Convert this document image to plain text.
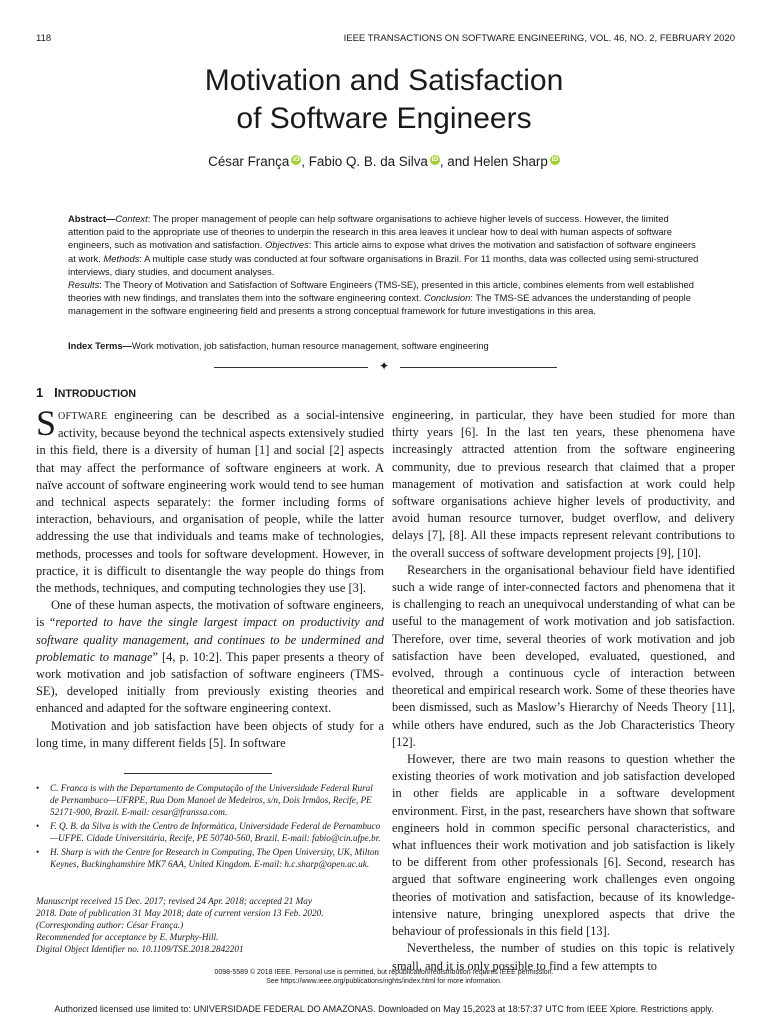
118	IEEE TRANSACTIONS ON SOFTWARE ENGINEERING, VOL. 46, NO. 2, FEBRUARY 2020
Motivation and Satisfaction
of Software Engineers
César França iD , Fabio Q. B. da Silva iD , and Helen Sharp iD

Abstract—Context: The proper management of people can help software organisations to achieve higher levels of success. However, the limited attention paid to the appropriate use of theories to underpin the research in this area leaves it unclear how to deal with human aspects of software engineers, such as motivation and satisfaction. Objectives: This article aims to expose what drives the motivation and satisfaction of software engineers at work. Methods: A multiple case study was conducted at four software organisations in Brazil. For 11 months, data was collected using semi-structured interviews, diary studies, and document analyses.

Results: The Theory of Motivation and Satisfaction of Software Engineers (TMS-SE), presented in this article, combines elements from well established theories with new findings, and translates them into the software engineering context. Conclusion: The TMS-SE advances the understanding of people management in the software engineering field and presents a strong conceptual framework for future investigations in this area.

Index Terms—Work motivation, job satisfaction, human resource management, software engineering
✦
1 INTRODUCTION

SOFTWARE engineering can be described as a social-intensive activity, because beyond the technical aspects extensively studied in this field, there is a diversity of human [1] and social [2] aspects that may affect the performance of software engineers at work. A naïve account of software engineering work would tend to see human and technical aspects separately: the former including forms of interaction, behaviours, and organisation of people, while the latter addressing the use that individuals and teams make of technologies, methods, processes and tools for software development. However, in practice, it is difficult to disentangle the way people do things from the methods, techniques, and computing technologies they use [3].

One of these human aspects, the motivation of software engineers, is “reported to have the single largest impact on productivity and software quality management, and continues to be undermined and problematic to manage” [4, p. 10:2]. This paper presents a theory of work motivation and job satisfaction of software engineers (TMS-SE), developed initially from previously existing theories and enhanced and adapted for the software engineering context.

Motivation and job satisfaction have been objects of study for a long time, in many different fields [5]. In software

engineering, in particular, they have been studied for more than thirty years [6]. In the last ten years, these phenomena have increasingly attracted attention from the software engineering community, due to previous research that claimed that a proper management of motivation and satisfaction at work could help software organisations achieve higher levels of productivity, and avoid human resource turnover, budget overflow, and delivery delays [7], [8]. All these impacts represent relevant contributions to the overall success of software development projects [9], [10].

Researchers in the organisational behaviour field have identified such a wide range of inter-connected factors and phenomena that it is challenging to reach an unequivocal understanding of what can be useful to the management of work motivation and job satisfaction. Therefore, over time, several theories of work motivation and job satisfaction have been developed, evaluated, questioned, and evolved, through a continuous cycle of interaction between theoretical and empirical research work. Some of these theories have been dismissed, such as Maslow’s Hierarchy of Needs Theory [11], while others have endured, such as the Job Characteristics Theory [12].

However, there are two main reasons to question whether the existing theories of work motivation and job satisfaction developed in other fields are applicable in a software development environment. First, in the past, researchers have shown that software engineers hold in common specific personal characteristics, and what influences their work motivation and job satisfaction is likely to be different from other professionals [6]. Second, research has argued that software engineering work challenges even ongoing theories of motivation and satisfaction, because of its knowledge-intensive nature, bringing unexplored aspects that drive the behaviour of professionals in this field [13].

Nevertheless, the number of studies on this topic is relatively small, and it is only possible to find a few attempts to

•	C. Franca is with the Departamento de Computação of the Universidade Federal Rural de Pernambuco—UFRPE, Rua Dom Manoel de Medeiros, s/n, Dois Irmãos, Recife, PE 52171-900, Brazil. E-mail: cesar@franssa.com.
•	F. Q. B. da Silva is with the Centro de Informática, Universidade Federal de Pernambuco—UFPE. Cidade Universitária, Recife, PE 50740-560, Brazil. E-mail: fabio@cin.ufpe.br.
•	H. Sharp is with the Centre for Research in Computing, The Open University, UK, Milton Keynes, Buckinghamshire MK7 6AA, United Kingdom. E-mail: h.c.sharp@open.ac.uk.
Manuscript received 15 Dec. 2017; revised 24 Apr. 2018; accepted 21 May
2018. Date of publication 31 May 2018; date of current version 13 Feb. 2020.
(Corresponding author: César França.)
Recommended for acceptance by E. Murphy-Hill.
Digital Object Identifier no. 10.1109/TSE.2018.2842201
0098-5589 © 2018 IEEE. Personal use is permitted, but republication/redistribution requires IEEE permission.
See https://www.ieee.org/publications/rights/index.html for more information.
Authorized licensed use limited to: UNIVERSIDADE FEDERAL DO AMAZONAS. Downloaded on May 15,2023 at 18:57:37 UTC from IEEE Xplore. Restrictions apply.
